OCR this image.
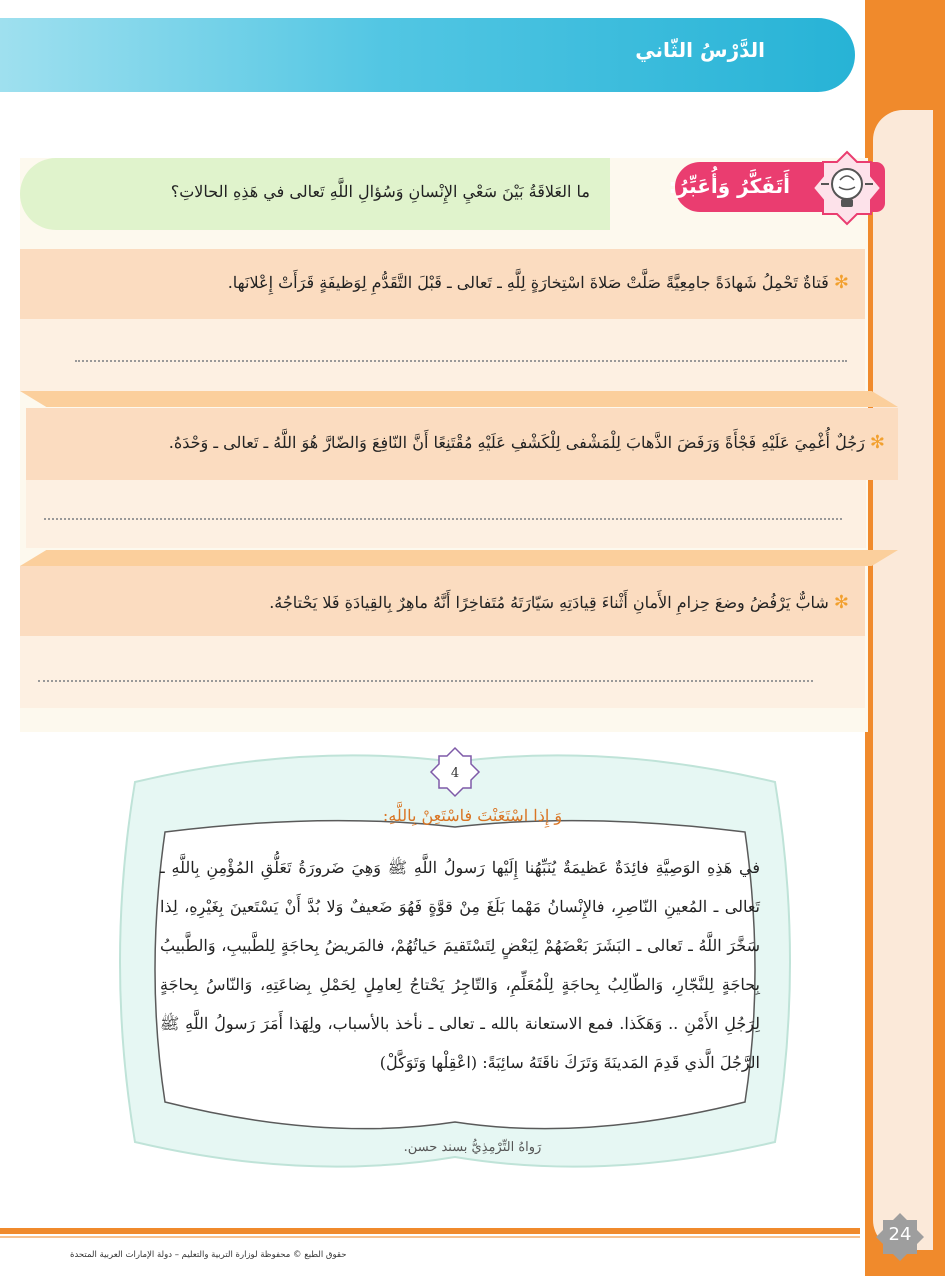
الدَّرْسُ الثّاني
ما العَلاقَةُ بَيْنَ سَعْيِ الإِنْسانِ وَسُؤالِ اللَّهِ تَعالى في هَذِهِ الحالاتِ؟	أَتَفَكَّرُ وَأُعَبِّرُ:
✻ فَتاةٌ تَحْمِلُ شَهادَةً جامِعِيَّةً صَلَّتْ صَلاةَ اسْتِخارَةٍ لِلَّهِ ـ تَعالى ـ قَبْلَ التَّقَدُّمِ لِوَظيفَةٍ قَرَأَتْ إِعْلانَها.
✻ رَجُلٌ أُغْمِيَ عَلَيْهِ فَجْأَةً وَرَفَضَ الذَّهابَ لِلْمَشْفى لِلْكَشْفِ عَلَيْهِ مُقْتَنِعًا أَنَّ النّافِعَ وَالضّارَّ هُوَ اللَّهُ ـ تَعالى ـ وَحْدَهُ.
✻ شابٌّ يَرْفُضُ وضعَ حِزامِ الأَمانِ أَثْناءَ قِيادَتِهِ سَيّارَتَهُ مُتَفاخِرًا أَنَّهُ ماهِرٌ بِالقِيادَةِ فَلا يَحْتاجُهُ.
4
وَ إِذا اسْتَعَنْتَ فاسْتَعِنْ بِاللَّهِ:
في هَذِهِ الوَصِيَّةِ فائِدَةٌ عَظيمَةٌ يُنَبِّهُنا إِلَيْها رَسولُ اللَّهِ ﷺ وَهِيَ ضَرورَةُ تَعَلُّقِ المُؤْمِنِ بِاللَّهِ ـ تَعالى ـ المُعينِ النّاصِرِ، فالإِنْسانُ مَهْما بَلَغَ مِنْ قوَّةٍ فَهُوَ ضَعيفٌ وَلا بُدَّ أَنْ يَسْتَعينَ بِغَيْرِهِ، لِذا سَخَّرَ اللَّهُ ـ تَعالى ـ البَشَرَ بَعْضَهُمْ لِبَعْضٍ لِتَسْتَقيمَ حَياتُهُمْ، فالمَريضُ بِحاجَةٍ لِلطَّبيبِ، وَالطَّبيبُ بِحاجَةٍ لِلنَّجّارِ، وَالطّالِبُ بِحاجَةٍ لِلْمُعَلِّمِ، وَالتّاجِرُ يَحْتاجُ لِعامِلٍ لِحَمْلِ بِضاعَتِهِ، وَالنّاسُ بِحاجَةٍ لِرَجُلِ الأَمْنِ .. وَهَكَذا. فمع الاستعانة بالله ـ تعالى ـ نأخذ بالأسباب، ولِهَذا أَمَرَ رَسولُ اللَّهِ ﷺ الرَّجُلَ الَّذي قَدِمَ المَدينَةَ وَتَرَكَ ناقَتَهُ سائِبَةً: (اعْقِلْها وَتَوَكَّلْ)
رَواهُ التِّرْمِذِيُّ بسند حسن.
24
حقوق الطبع © محفوظة لوزارة التربية والتعليم – دولة الإمارات العربية المتحدة
